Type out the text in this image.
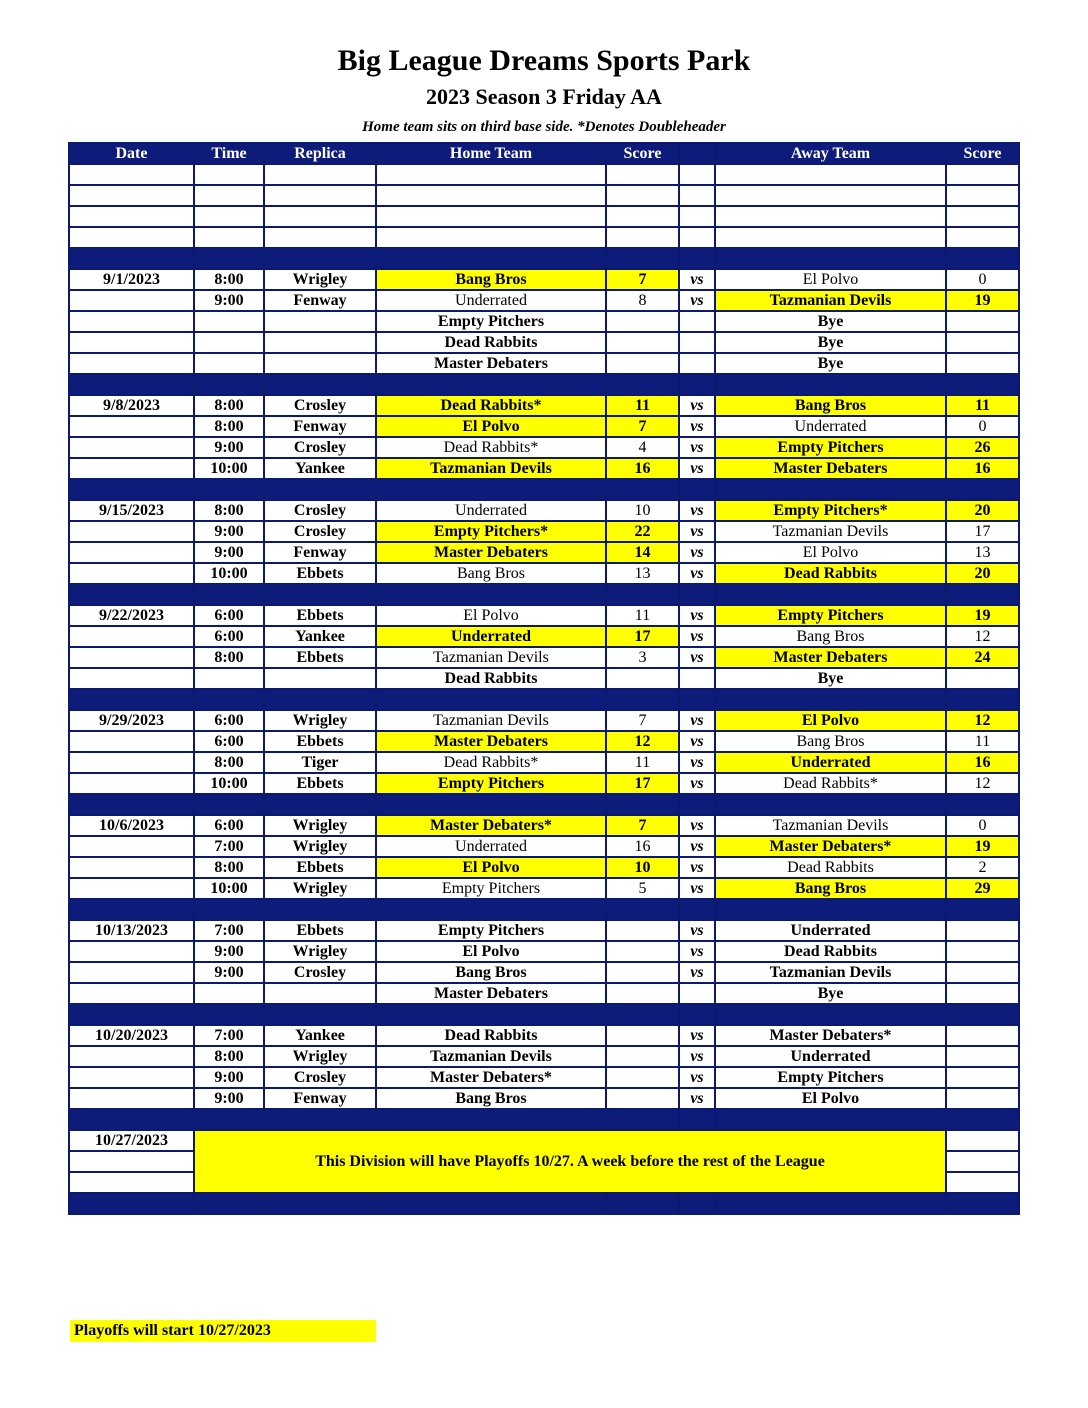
Big League Dreams Sports Park
2023 Season 3 Friday AA
Home team sits on third base side. *Denotes Doubleheader
Date	Time	Replica	Home Team	Score		Away Team	Score

9/1/2023	8:00	Wrigley	Bang Bros	7	vs	El Polvo	0
	9:00	Fenway	Underrated	8	vs	Tazmanian Devils	19
			Empty Pitchers			Bye	
			Dead Rabbits			Bye	
			Master Debaters			Bye	

9/8/2023	8:00	Crosley	Dead Rabbits*	11	vs	Bang Bros	11
	8:00	Fenway	El Polvo	7	vs	Underrated	0
	9:00	Crosley	Dead Rabbits*	4	vs	Empty Pitchers	26
	10:00	Yankee	Tazmanian Devils	16	vs	Master Debaters	16

9/15/2023	8:00	Crosley	Underrated	10	vs	Empty Pitchers*	20
	9:00	Crosley	Empty Pitchers*	22	vs	Tazmanian Devils	17
	9:00	Fenway	Master Debaters	14	vs	El Polvo	13
	10:00	Ebbets	Bang Bros	13	vs	Dead Rabbits	20

9/22/2023	6:00	Ebbets	El Polvo	11	vs	Empty Pitchers	19
	6:00	Yankee	Underrated	17	vs	Bang Bros	12
	8:00	Ebbets	Tazmanian Devils	3	vs	Master Debaters	24
			Dead Rabbits			Bye	

9/29/2023	6:00	Wrigley	Tazmanian Devils	7	vs	El Polvo	12
	6:00	Ebbets	Master Debaters	12	vs	Bang Bros	11
	8:00	Tiger	Dead Rabbits*	11	vs	Underrated	16
	10:00	Ebbets	Empty Pitchers	17	vs	Dead Rabbits*	12

10/6/2023	6:00	Wrigley	Master Debaters*	7	vs	Tazmanian Devils	0
	7:00	Wrigley	Underrated	16	vs	Master Debaters*	19
	8:00	Ebbets	El Polvo	10	vs	Dead Rabbits	2
	10:00	Wrigley	Empty Pitchers	5	vs	Bang Bros	29

10/13/2023	7:00	Ebbets	Empty Pitchers		vs	Underrated	
	9:00	Wrigley	El Polvo		vs	Dead Rabbits	
	9:00	Crosley	Bang Bros		vs	Tazmanian Devils	
			Master Debaters			Bye	

10/20/2023	7:00	Yankee	Dead Rabbits		vs	Master Debaters*	
	8:00	Wrigley	Tazmanian Devils		vs	Underrated	
	9:00	Crosley	Master Debaters*		vs	Empty Pitchers	
	9:00	Fenway	Bang Bros		vs	El Polvo	

10/27/2023	This Division will have Playoffs 10/27. A week before the rest of the League						

Playoffs will start 10/27/2023
